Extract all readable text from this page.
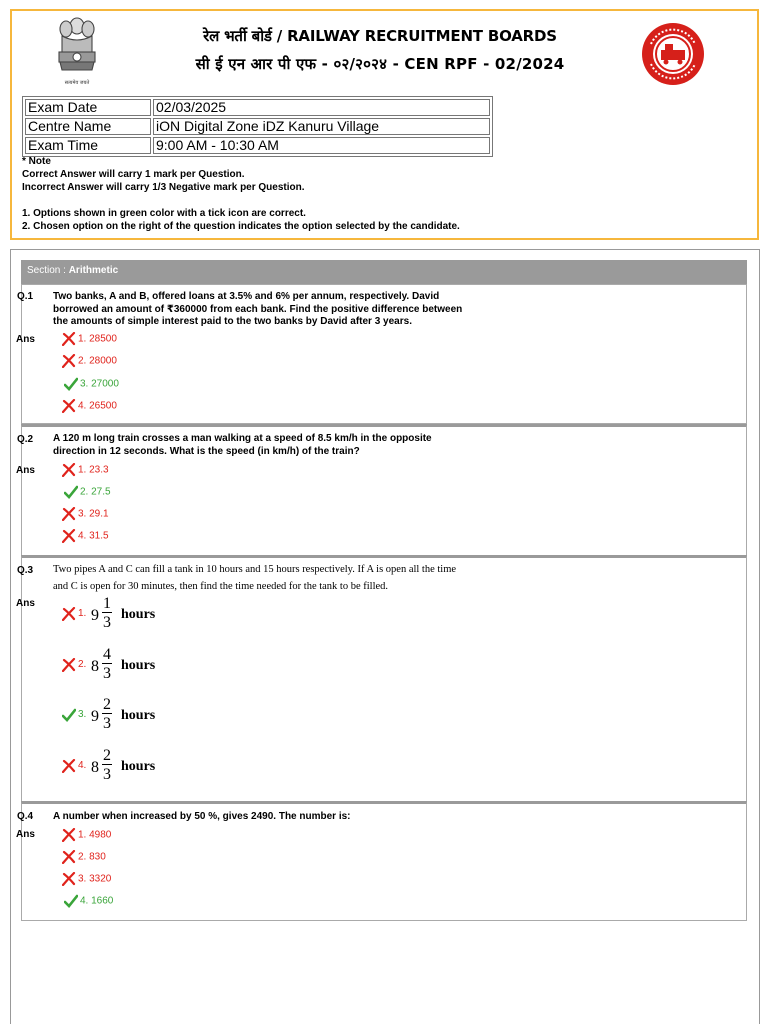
सत्यमेव जयते
रेल भर्ती बोर्ड / RAILWAY RECRUITMENT BOARDS
सी ई एन आर पी एफ - ०२/२०२४ - CEN RPF - 02/2024
Exam Date	02/03/2025
Centre Name	iON Digital Zone iDZ Kanuru Village
Exam Time	9:00 AM - 10:30 AM
* Note
Correct Answer will carry 1 mark per Question.
Incorrect Answer will carry 1/3 Negative mark per Question.
1. Options shown in green color with a tick icon are correct.
2. Chosen option on the right of the question indicates the option selected by the candidate.
Section : Arithmetic
Q.1 Two banks, A and B, offered loans at 3.5% and 6% per annum, respectively. David
borrowed an amount of ₹360000 from each bank. Find the positive difference between
the amounts of simple interest paid to the two banks by David after 3 years.
Ans	1. 28500
2. 28000
3. 27000
4. 26500
Q.2 A 120 m long train crosses a man walking at a speed of 8.5 km/h in the opposite
direction in 12 seconds. What is the speed (in km/h) of the train?
Ans	1. 23.3
2. 27.5
3. 29.1
4. 31.5
Q.3 Two pipes A and C can fill a tank in 10 hours and 15 hours respectively. If A is open all the time
and C is open for 30 minutes, then find the time needed for the tank to be filled.
Ans
1. 9
1
3 hours
2. 8
4
3 hours
3. 9
2
3 hours
4. 8
2
3 hours
Q.4 A number when increased by 50 %, gives 2490. The number is:
Ans	1. 4980
2. 830
3. 3320
4. 1660
